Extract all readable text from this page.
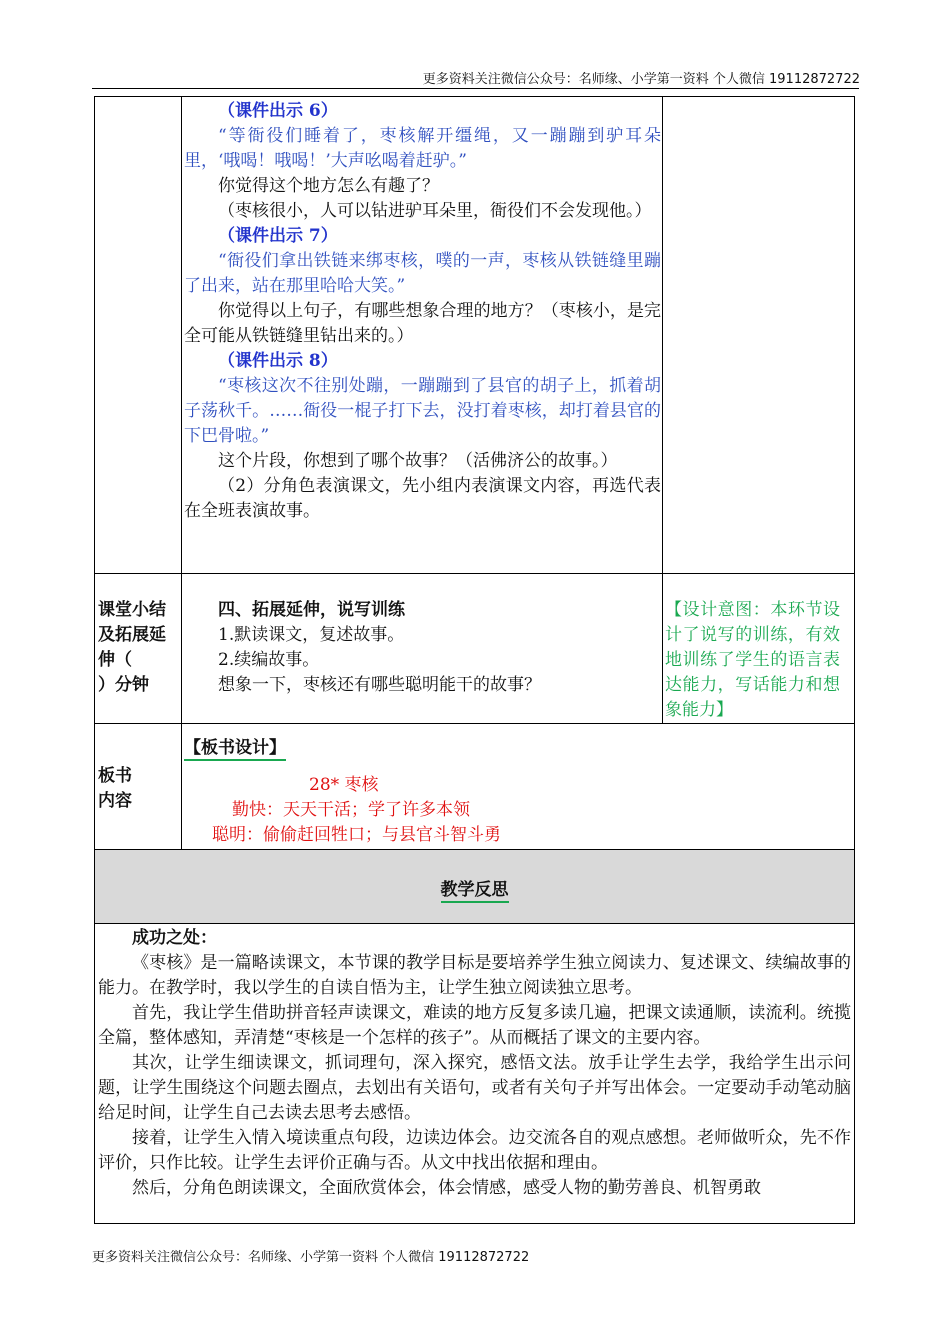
更多资料关注微信公众号：名师缘、小学第一资料 个人微信 19112872722

（课件出示 6）

“等衙役们睡着了，枣核解开缰绳，又一蹦蹦到驴耳朵里，‘哦喝！哦喝！’大声吆喝着赶驴。”

你觉得这个地方怎么有趣了？

（枣核很小，人可以钻进驴耳朵里，衙役们不会发现他。）

（课件出示 7）

“衙役们拿出铁链来绑枣核，噗的一声，枣核从铁链缝里蹦了出来，站在那里哈哈大笑。”

你觉得以上句子，有哪些想象合理的地方？（枣核小，是完全可能从铁链缝里钻出来的。）

（课件出示 8）

“枣核这次不往别处蹦，一蹦蹦到了县官的胡子上，抓着胡子荡秋千。……衙役一棍子打下去，没打着枣核，却打着县官的下巴骨啦。”

这个片段，你想到了哪个故事？（活佛济公的故事。）

（2）分角色表演课文，先小组内表演课文内容，再选代表在全班表演故事。

课堂小结
及拓展延
伸（
）分钟

四、拓展延伸，说写训练

1.默读课文，复述故事。

2.续编故事。

想象一下，枣核还有哪些聪明能干的故事？

【设计意图：本环节设计了说写的训练，有效地训练了学生的语言表达能力，写话能力和想象能力】
板书
内容

【板书设计】

28* 枣核

勤快：天天干活；学了许多本领

聪明：偷偷赶回牲口；与县官斗智斗勇

教学反思

成功之处：

《枣核》是一篇略读课文，本节课的教学目标是要培养学生独立阅读力、复述课文、续编故事的能力。在教学时，我以学生的自读自悟为主，让学生独立阅读独立思考。

首先，我让学生借助拼音轻声读课文，难读的地方反复多读几遍，把课文读通顺，读流利。统揽全篇，整体感知，弄清楚“枣核是一个怎样的孩子”。从而概括了课文的主要内容。

其次，让学生细读课文，抓词理句，深入探究，感悟文法。放手让学生去学，我给学生出示问题，让学生围绕这个问题去圈点，去划出有关语句，或者有关句子并写出体会。一定要动手动笔动脑给足时间，让学生自己去读去思考去感悟。

接着，让学生入情入境读重点句段，边读边体会。边交流各自的观点感想。老师做听众，先不作评价，只作比较。让学生去评价正确与否。从文中找出依据和理由。

然后，分角色朗读课文，全面欣赏体会，体会情感，感受人物的勤劳善良、机智勇敢

更多资料关注微信公众号：名师缘、小学第一资料 个人微信 19112872722
